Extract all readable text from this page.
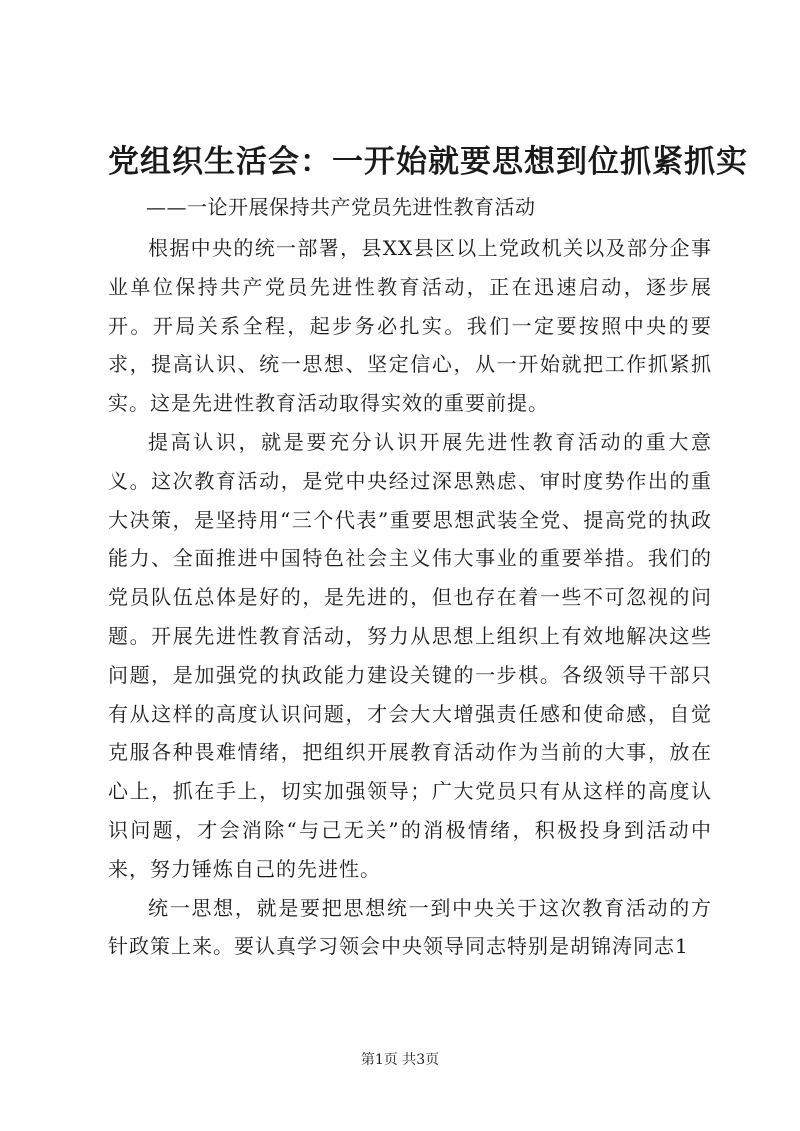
党组织生活会：一开始就要思想到位抓紧抓实
——一论开展保持共产党员先进性教育活动

根据中央的统一部署，县XX县区以上党政机关以及部分企事业单位保持共产党员先进性教育活动，正在迅速启动，逐步展开。开局关系全程，起步务必扎实。我们一定要按照中央的要求，提高认识、统一思想、坚定信心，从一开始就把工作抓紧抓实。这是先进性教育活动取得实效的重要前提。

提高认识，就是要充分认识开展先进性教育活动的重大意义。这次教育活动，是党中央经过深思熟虑、审时度势作出的重大决策，是坚持用“三个代表”重要思想武装全党、提高党的执政能力、全面推进中国特色社会主义伟大事业的重要举措。我们的党员队伍总体是好的，是先进的，但也存在着一些不可忽视的问题。开展先进性教育活动，努力从思想上组织上有效地解决这些问题，是加强党的执政能力建设关键的一步棋。各级领导干部只有从这样的高度认识问题，才会大大增强责任感和使命感，自觉克服各种畏难情绪，把组织开展教育活动作为当前的大事，放在心上，抓在手上，切实加强领导；广大党员只有从这样的高度认识问题，才会消除“与己无关”的消极情绪，积极投身到活动中来，努力锤炼自己的先进性。

统一思想，就是要把思想统一到中央关于这次教育活动的方针政策上来。要认真学习领会中央领导同志特别是胡锦涛同志1

第1页 共3页
